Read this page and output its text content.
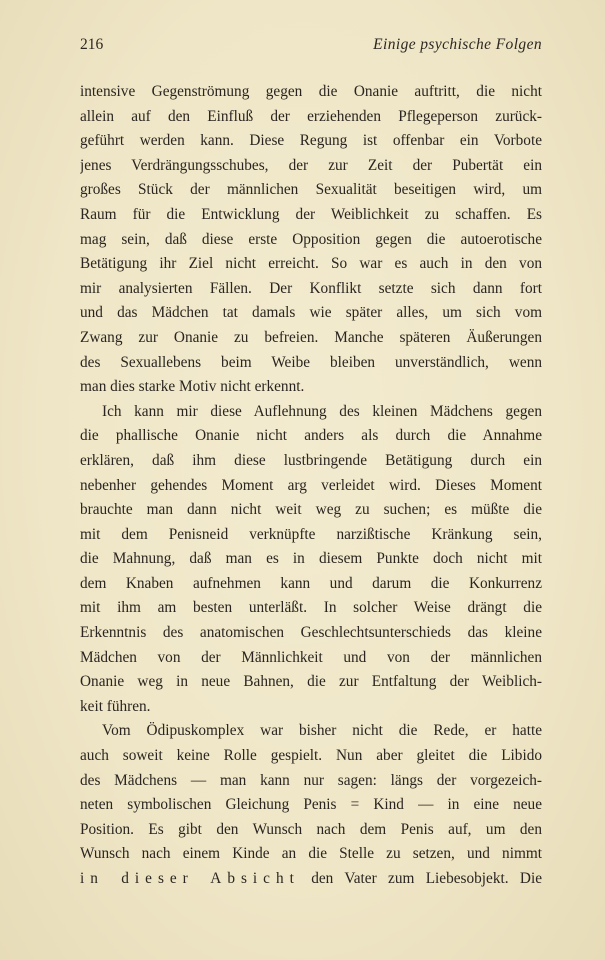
216	Einige psychische Folgen
intensive Gegenströmung gegen die Onanie auftritt, die nicht
allein auf den Einfluß der erziehenden Pflegeperson zurück-
geführt werden kann. Diese Regung ist offenbar ein Vorbote
jenes Verdrängungsschubes, der zur Zeit der Pubertät ein
großes Stück der männlichen Sexualität beseitigen wird, um
Raum für die Entwicklung der Weiblichkeit zu schaffen. Es
mag sein, daß diese erste Opposition gegen die autoerotische
Betätigung ihr Ziel nicht erreicht. So war es auch in den von
mir analysierten Fällen. Der Konflikt setzte sich dann fort
und das Mädchen tat damals wie später alles, um sich vom
Zwang zur Onanie zu befreien. Manche späteren Äußerungen
des Sexuallebens beim Weibe bleiben unverständlich, wenn
man dies starke Motiv nicht erkennt.
Ich kann mir diese Auflehnung des kleinen Mädchens gegen
die phallische Onanie nicht anders als durch die Annahme
erklären, daß ihm diese lustbringende Betätigung durch ein
nebenher gehendes Moment arg verleidet wird. Dieses Moment
brauchte man dann nicht weit weg zu suchen; es müßte die
mit dem Penisneid verknüpfte narzißtische Kränkung sein,
die Mahnung, daß man es in diesem Punkte doch nicht mit
dem Knaben aufnehmen kann und darum die Konkurrenz
mit ihm am besten unterläßt. In solcher Weise drängt die
Erkenntnis des anatomischen Geschlechtsunterschieds das kleine
Mädchen von der Männlichkeit und von der männlichen
Onanie weg in neue Bahnen, die zur Entfaltung der Weiblich-
keit führen.
Vom Ödipuskomplex war bisher nicht die Rede, er hatte
auch soweit keine Rolle gespielt. Nun aber gleitet die Libido
des Mädchens — man kann nur sagen: längs der vorgezeich-
neten symbolischen Gleichung Penis = Kind — in eine neue
Position. Es gibt den Wunsch nach dem Penis auf, um den
Wunsch nach einem Kinde an die Stelle zu setzen, und nimmt
in dieser Absicht den Vater zum Liebesobjekt. Die
